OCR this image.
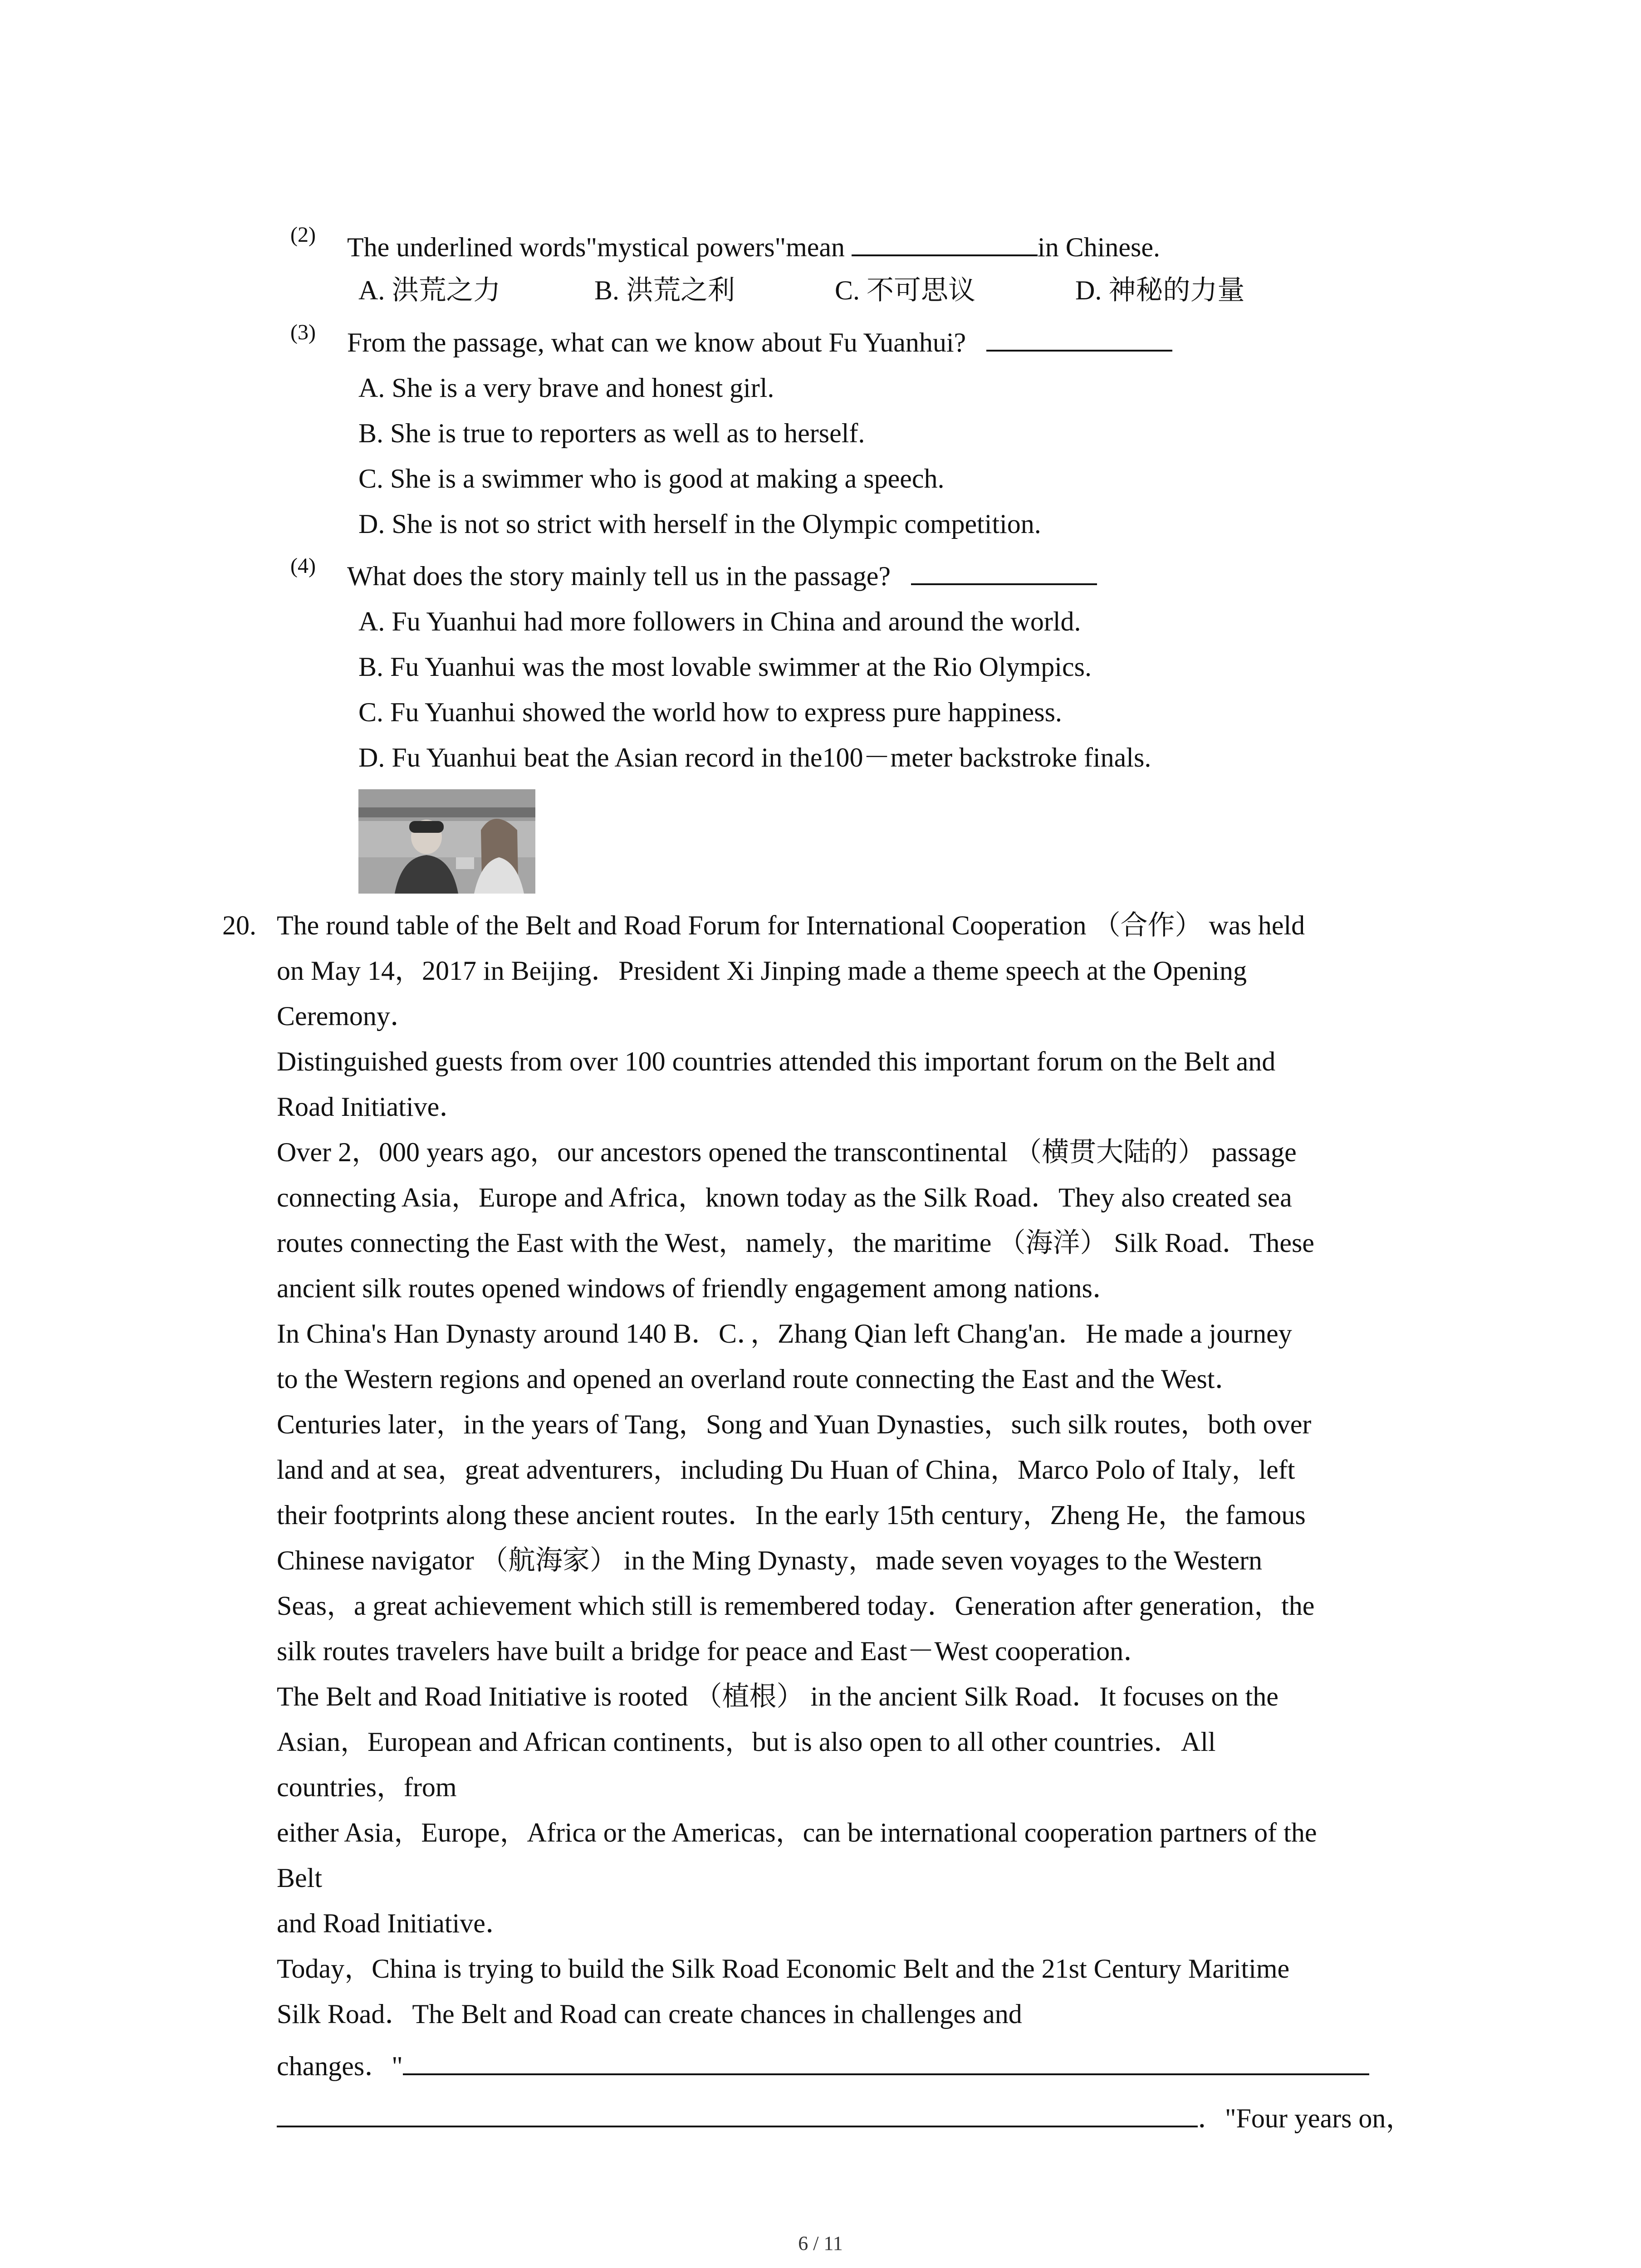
(2) The underlined words"mystical powers"mean	in Chinese.
A. 洪荒之力	B. 洪荒之利	C. 不可思议	D. 神秘的力量
(3) From the passage, what can we know about Fu Yuanhui?
A. She is a very brave and honest girl.
B. She is true to reporters as well as to herself.
C. She is a swimmer who is good at making a speech.
D. She is not so strict with herself in the Olympic competition.
(4) What does the story mainly tell us in the passage?
A. Fu Yuanhui had more followers in China and around the world.
B. Fu Yuanhui was the most lovable swimmer at the Rio Olympics.
C. Fu Yuanhui showed the world how to express pure happiness.
D. Fu Yuanhui beat the Asian record in the100－meter backstroke finals.
20. The round table of the Belt and Road Forum for International Cooperation （合作） was held
on May 14，2017 in Beijing．President Xi Jinping made a theme speech at the Opening
Ceremony．
Distinguished guests from over 100 countries attended this important forum on the Belt and
Road Initiative．
Over 2，000 years ago，our ancestors opened the transcontinental （横贯大陆的） passage
connecting Asia，Europe and Africa，known today as the Silk Road．They also created sea
routes connecting the East with the West，namely，the maritime （海洋） Silk Road．These
ancient silk routes opened windows of friendly engagement among nations．
In China's Han Dynasty around 140 B．C．，Zhang Qian left Chang'an．He made a journey
to the Western regions and opened an overland route connecting the East and the West．
Centuries later，in the years of Tang，Song and Yuan Dynasties，such silk routes，both over
land and at sea，great adventurers，including Du Huan of China，Marco Polo of Italy，left
their footprints along these ancient routes．In the early 15th century，Zheng He，the famous
Chinese navigator （航海家） in the Ming Dynasty，made seven voyages to the Western
Seas，a great achievement which still is remembered today．Generation after generation，the
silk routes travelers have built a bridge for peace and East－West cooperation．
The Belt and Road Initiative is rooted （植根） in the ancient Silk Road．It focuses on the
Asian，European and African continents，but is also open to all other countries．All
countries，from
either Asia，Europe，Africa or the Americas，can be international cooperation partners of the
Belt
and Road Initiative．
Today，China is trying to build the Silk Road Economic Belt and the 21st Century Maritime
Silk Road．The Belt and Road can create chances in challenges and
changes．"
．"Four years on，
6 / 11
